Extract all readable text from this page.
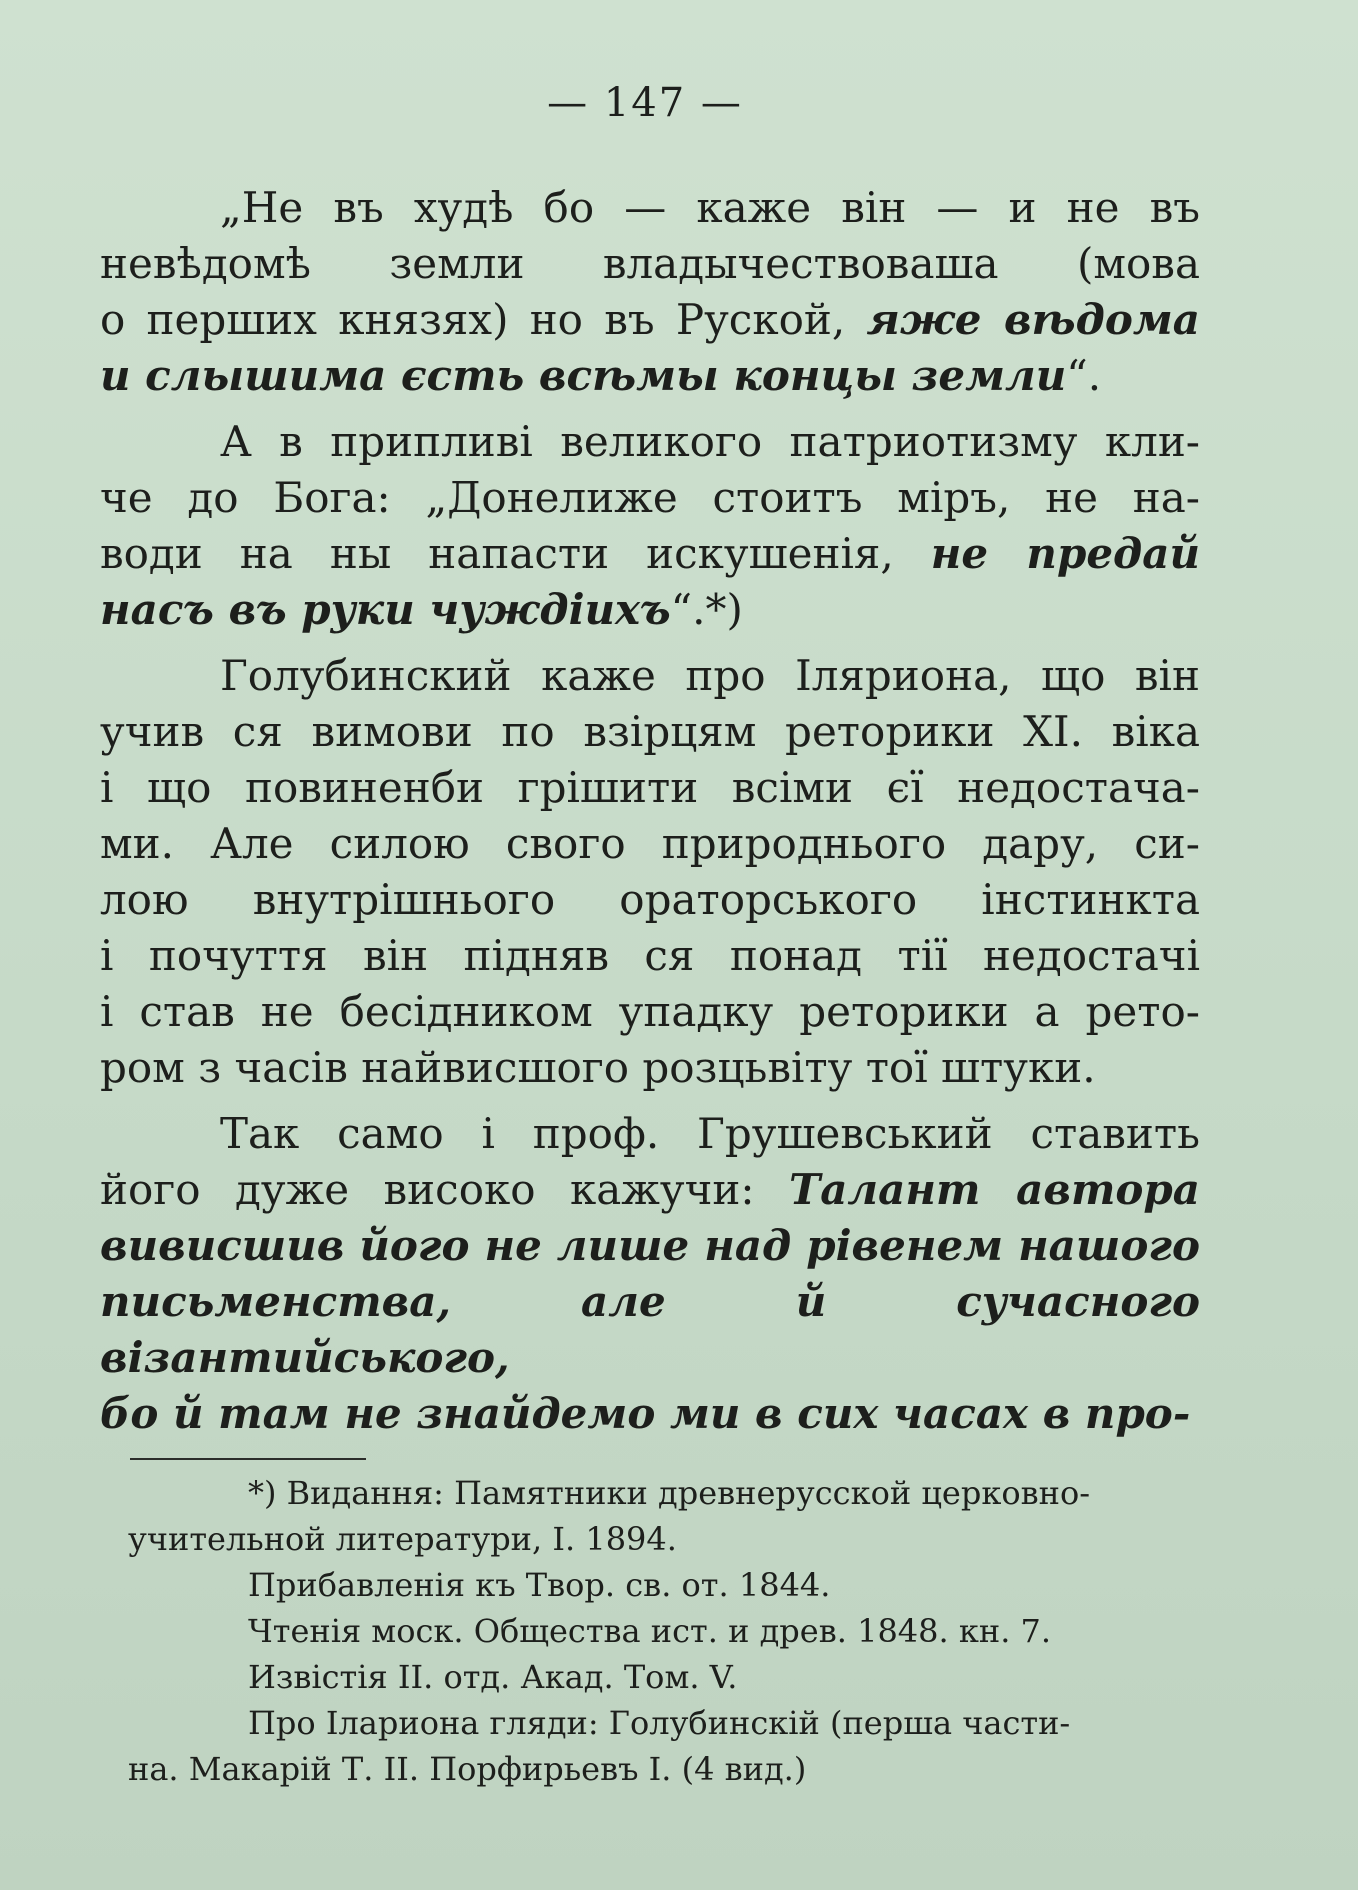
— 147 —
„Не въ худѣ бо — каже він — и не въ
невѣдомѣ земли владычествоваша (мова
о перших князях) но въ Руской, яже вѣдома
и слышима єсть всѣмы концы земли“.
А в припливі великого патриотизму кли-
че до Бога: „Донелиже стоитъ міръ, не на-
води на ны напасти искушенія, не предай
насъ въ руки чуждіихъ“.*)
Голубинский каже про Іляриона, що він
учив ся вимови по взірцям реторики XI. віка
і що повиненби грішити всіми єї недостача-
ми. Але силою свого природнього дару, си-
лою внутрішнього ораторського інстинкта
і почуття він підняв ся понад тії недостачі
і став не бесідником упадку реторики а рето-
ром з часів найвисшого розцьвіту тої штуки.
Так само і проф. Грушевський ставить
його дуже високо кажучи: Талант автора
вивисшив його не лише над рівенем нашого
письменства, але й сучасного візантийського,
бо й там не знайдемо ми в сих часах в про-
*) Видання: Памятники древнерусской церковно-
учительной литератури, І. 1894.
Прибавленія къ Твор. св. от. 1844.
Чтенія моск. Общества ист. и древ. 1848. кн. 7.
Извістія II. отд. Акад. Том. V.
Про Іларионa гляди: Голубинскій (перша части-
на. Макарій Т. II. Порфирьевъ І. (4 вид.)
